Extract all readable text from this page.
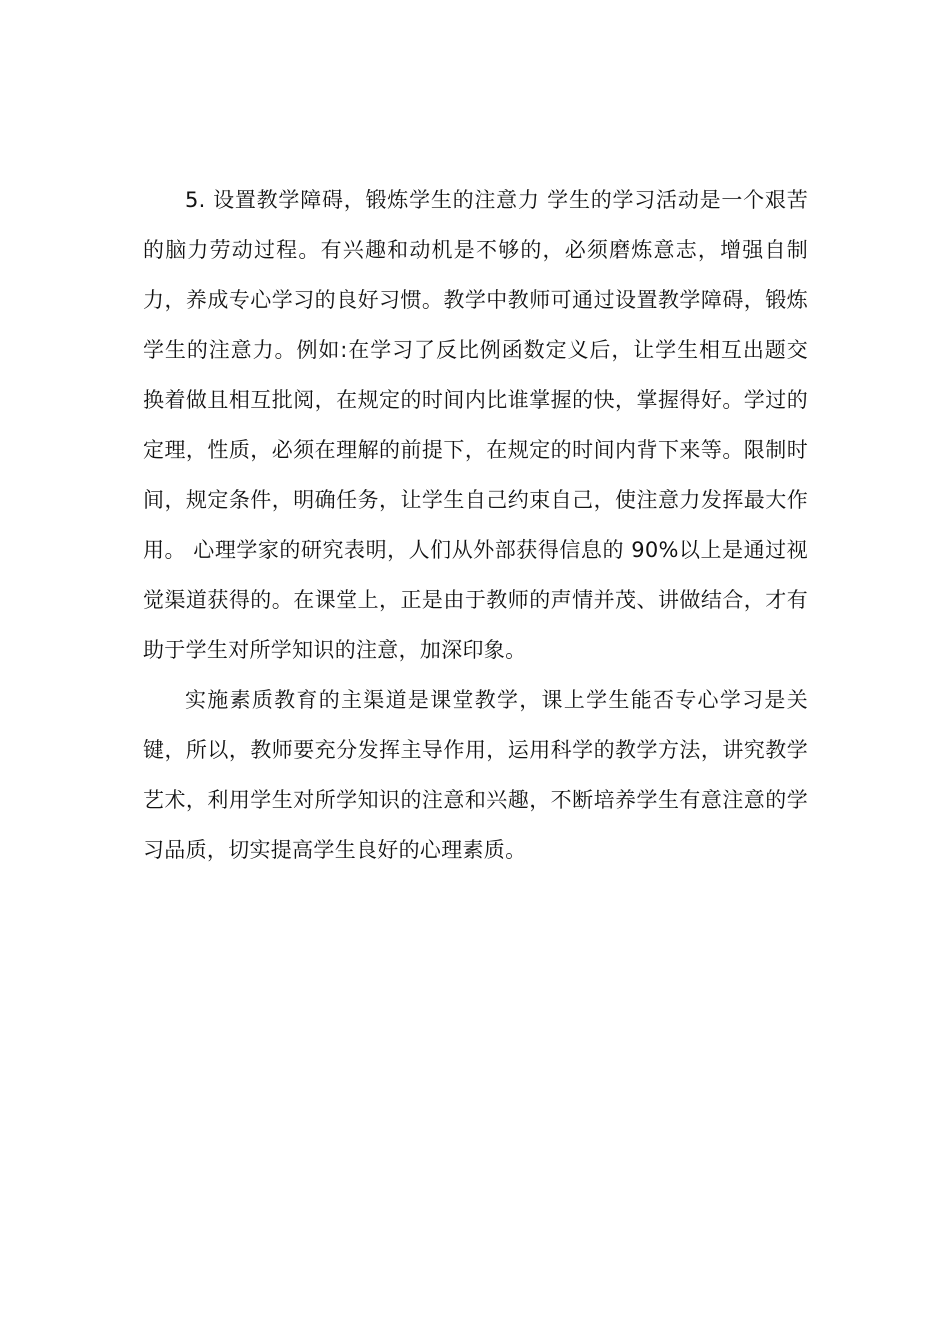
5. 设置教学障碍，锻炼学生的注意力 学生的学习活动是一个艰苦的脑力劳动过程。有兴趣和动机是不够的，必须磨炼意志，增强自制力，养成专心学习的良好习惯。教学中教师可通过设置教学障碍，锻炼学生的注意力。例如:在学习了反比例函数定义后，让学生相互出题交换着做且相互批阅，在规定的时间内比谁掌握的快，掌握得好。学过的定理，性质，必须在理解的前提下，在规定的时间内背下来等。限制时间，规定条件，明确任务，让学生自己约束自己，使注意力发挥最大作用。 心理学家的研究表明，人们从外部获得信息的 90%以上是通过视觉渠道获得的。在课堂上，正是由于教师的声情并茂、讲做结合，才有助于学生对所学知识的注意，加深印象。

实施素质教育的主渠道是课堂教学，课上学生能否专心学习是关键，所以，教师要充分发挥主导作用，运用科学的教学方法，讲究教学艺术，利用学生对所学知识的注意和兴趣，不断培养学生有意注意的学习品质，切实提高学生良好的心理素质。
